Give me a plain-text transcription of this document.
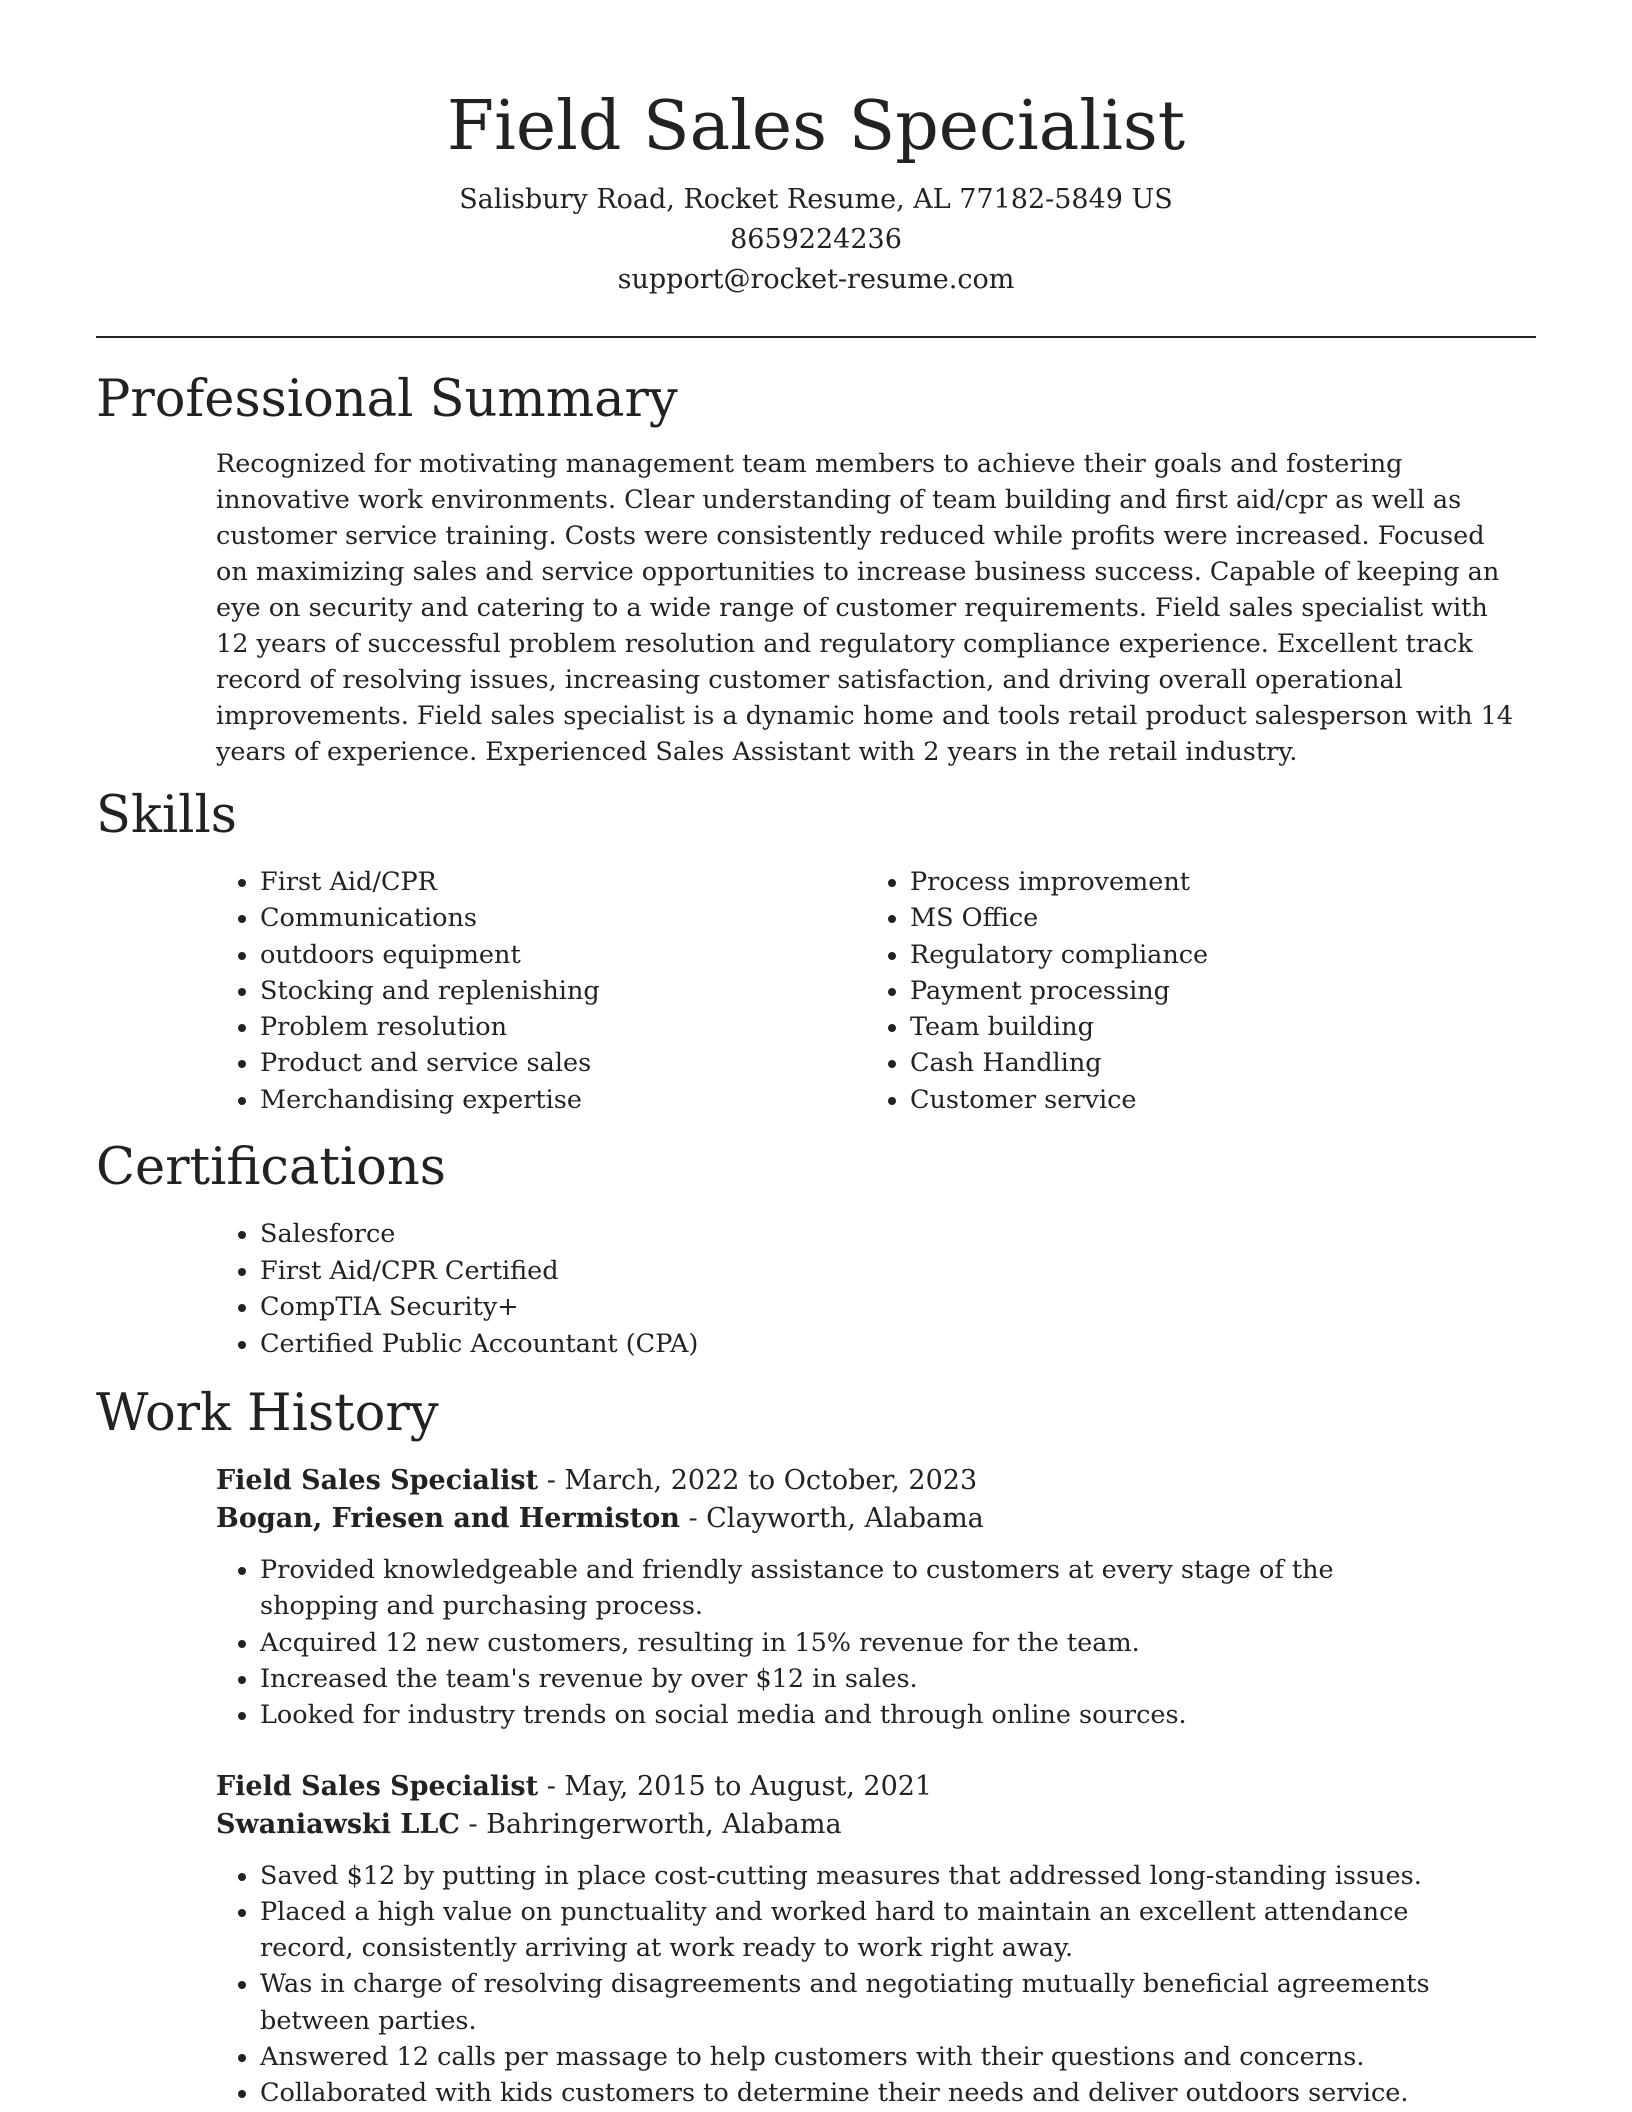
Field Sales Specialist
Salisbury Road, Rocket Resume, AL 77182-5849 US
8659224236
support@rocket-resume.com
Professional Summary

Recognized for motivating management team members to achieve their goals and fostering innovative work environments. Clear understanding of team building and first aid/cpr as well as customer service training. Costs were consistently reduced while profits were increased. Focused on maximizing sales and service opportunities to increase business success. Capable of keeping an eye on security and catering to a wide range of customer requirements. Field sales specialist with 12 years of successful problem resolution and regulatory compliance experience. Excellent track record of resolving issues, increasing customer satisfaction, and driving overall operational improvements. Field sales specialist is a dynamic home and tools retail product salesperson with 14 years of experience. Experienced Sales Assistant with 2 years in the retail industry.

Skills
• First Aid/CPR
• Communications
• outdoors equipment
• Stocking and replenishing
• Problem resolution
• Product and service sales
• Merchandising expertise
• Process improvement
• MS Office
• Regulatory compliance
• Payment processing
• Team building
• Cash Handling
• Customer service
Certifications
• Salesforce
• First Aid/CPR Certified
• CompTIA Security+
• Certified Public Accountant (CPA)
Work History
Field Sales Specialist - March, 2022 to October, 2023
Bogan, Friesen and Hermiston - Clayworth, Alabama
• Provided knowledgeable and friendly assistance to customers at every stage of the shopping and purchasing process.
• Acquired 12 new customers, resulting in 15% revenue for the team.
• Increased the team's revenue by over $12 in sales.
• Looked for industry trends on social media and through online sources.
Field Sales Specialist - May, 2015 to August, 2021
Swaniawski LLC - Bahringerworth, Alabama
• Saved $12 by putting in place cost-cutting measures that addressed long-standing issues.
• Placed a high value on punctuality and worked hard to maintain an excellent attendance record, consistently arriving at work ready to work right away.
• Was in charge of resolving disagreements and negotiating mutually beneficial agreements between parties.
• Answered 12 calls per massage to help customers with their questions and concerns.
• Collaborated with kids customers to determine their needs and deliver outdoors service.
